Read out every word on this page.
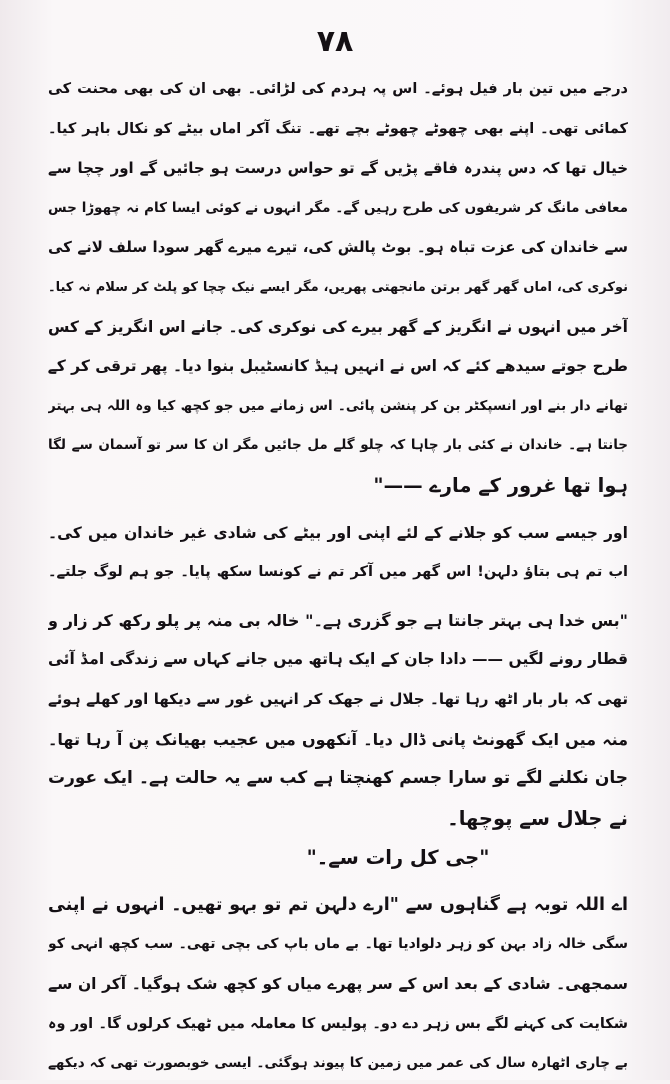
۷۸
درجے میں تین بار فیل ہوئے۔ اس پہ ہردم کی لڑائی۔ بھی ان کی بھی محنت کی
کمائی تھی۔ اپنے بھی چھوٹے چھوٹے بچے تھے۔ تنگ آکر اماں بیٹے کو نکال باہر کیا۔
خیال تھا کہ دس پندرہ فاقے پڑیں گے تو حواس درست ہو جائیں گے اور چچا سے
معافی مانگ کر شریفوں کی طرح رہیں گے۔ مگر انہوں نے کوئی ایسا کام نہ چھوڑا جس
سے خاندان کی عزت تباہ ہو۔ بوٹ پالش کی، تیرے میرے گھر سودا سلف لانے کی
نوکری کی، اماں گھر گھر برتن مانجھتی پھریں، مگر ایسے نیک چچا کو پلٹ کر سلام نہ کیا۔
آخر میں انہوں نے انگریز کے گھر بیرے کی نوکری کی۔ جانے اس انگریز کے کس
طرح جوتے سیدھے کئے کہ اس نے انہیں ہیڈ کانسٹیبل بنوا دیا۔ پھر ترقی کر کے
تھانے دار بنے اور انسپکٹر بن کر پنشن پائی۔ اس زمانے میں جو کچھ کیا وہ اللہ ہی بہتر
جانتا ہے۔ خاندان نے کئی بار چاہا کہ چلو گلے مل جائیں مگر ان کا سر تو آسمان سے لگا
ہوا تھا غرور کے مارے ——"
اور جیسے سب کو جلانے کے لئے اپنی اور بیٹے کی شادی غیر خاندان میں کی۔
اب تم ہی بتاؤ دلہن! اس گھر میں آکر تم نے کونسا سکھ پایا۔ جو ہم لوگ جلتے۔
"بس خدا ہی بہتر جانتا ہے جو گزری ہے۔" خالہ بی منہ پر پلو رکھ کر زار و
قطار رونے لگیں —— دادا جان کے ایک ہاتھ میں جانے کہاں سے زندگی امڈ آئی
تھی کہ بار بار اٹھ رہا تھا۔ جلال نے جھک کر انہیں غور سے دیکھا اور کھلے ہوئے
منہ میں ایک گھونٹ پانی ڈال دیا۔ آنکھوں میں عجیب بھیانک پن آ رہا تھا۔
جان نکلنے لگے تو سارا جسم کھنچتا ہے کب سے یہ حالت ہے۔ ایک عورت
نے جلال سے پوچھا۔
"جی کل رات سے۔"
اے اللہ توبہ ہے گناہوں سے "ارے دلہن تم تو بہو تھیں۔ انہوں نے اپنی
سگی خالہ زاد بہن کو زہر دلوادیا تھا۔ بے ماں باپ کی بچی تھی۔ سب کچھ انہی کو
سمجھی۔ شادی کے بعد اس کے سر پھرے میاں کو کچھ شک ہوگیا۔ آکر ان سے
شکایت کی کہنے لگے بس زہر دے دو۔ پولیس کا معاملہ میں ٹھیک کرلوں گا۔ اور وہ
بے چاری اٹھارہ سال کی عمر میں زمین کا پیوند ہوگئی۔ ایسی خوبصورت تھی کہ دیکھے
